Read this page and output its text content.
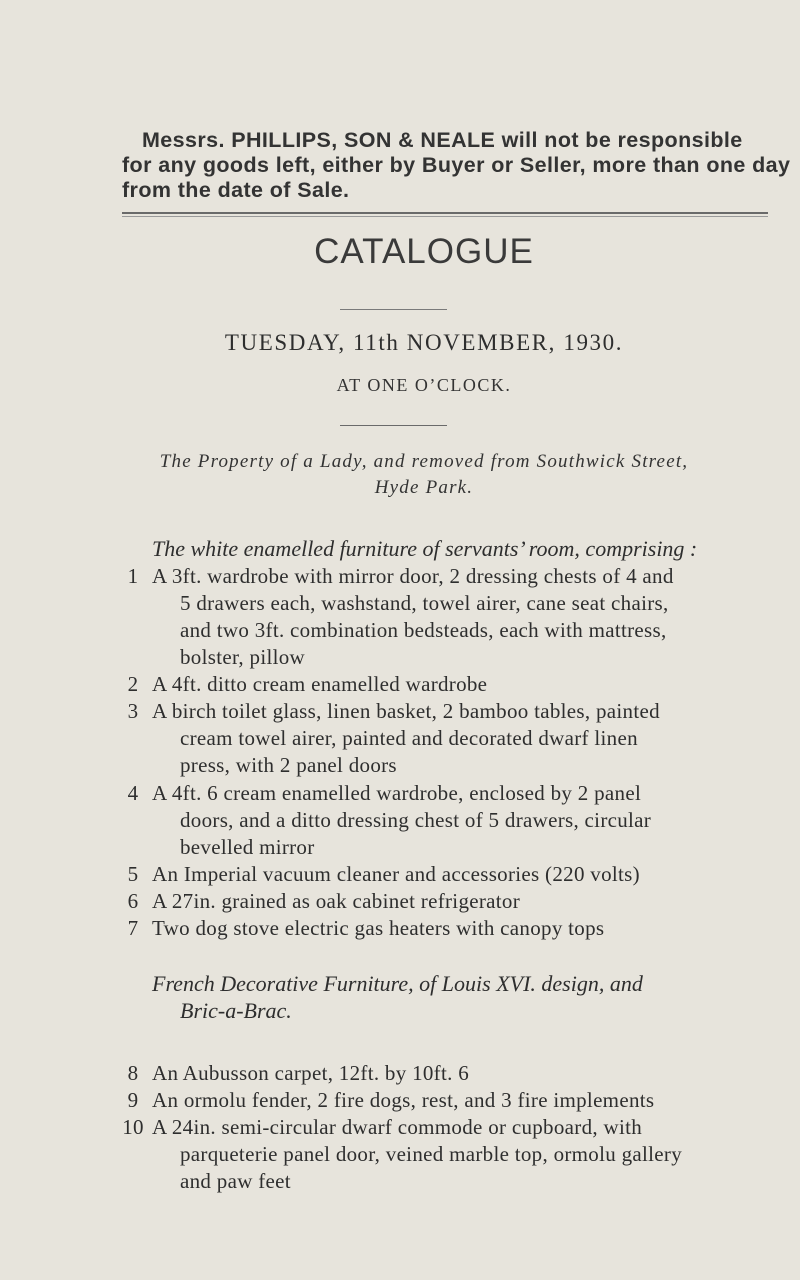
Messrs. PHILLIPS, SON & NEALE will not be responsible
for any goods left, either by Buyer or Seller, more than one day
from the date of Sale.
CATALOGUE
TUESDAY, 11th NOVEMBER, 1930.
AT ONE O’CLOCK.
The Property of a Lady, and removed from Southwick Street,
Hyde Park.
The white enamelled furniture of servants’ room, comprising :
1 A 3ft. wardrobe with mirror door, 2 dressing chests of 4 and
5 drawers each, washstand, towel airer, cane seat chairs,
and two 3ft. combination bedsteads, each with mattress,
bolster, pillow
2 A 4ft. ditto cream enamelled wardrobe
3 A birch toilet glass, linen basket, 2 bamboo tables, painted
cream towel airer, painted and decorated dwarf linen
press, with 2 panel doors
4 A 4ft. 6 cream enamelled wardrobe, enclosed by 2 panel
doors, and a ditto dressing chest of 5 drawers, circular
bevelled mirror
5 An Imperial vacuum cleaner and accessories (220 volts)
6 A 27in. grained as oak cabinet refrigerator
7 Two dog stove electric gas heaters with canopy tops
French Decorative Furniture, of Louis XVI. design, and
Bric-a-Brac.
8 An Aubusson carpet, 12ft. by 10ft. 6
9 An ormolu fender, 2 fire dogs, rest, and 3 fire implements
10 A 24in. semi-circular dwarf commode or cupboard, with
parqueterie panel door, veined marble top, ormolu gallery
and paw feet
